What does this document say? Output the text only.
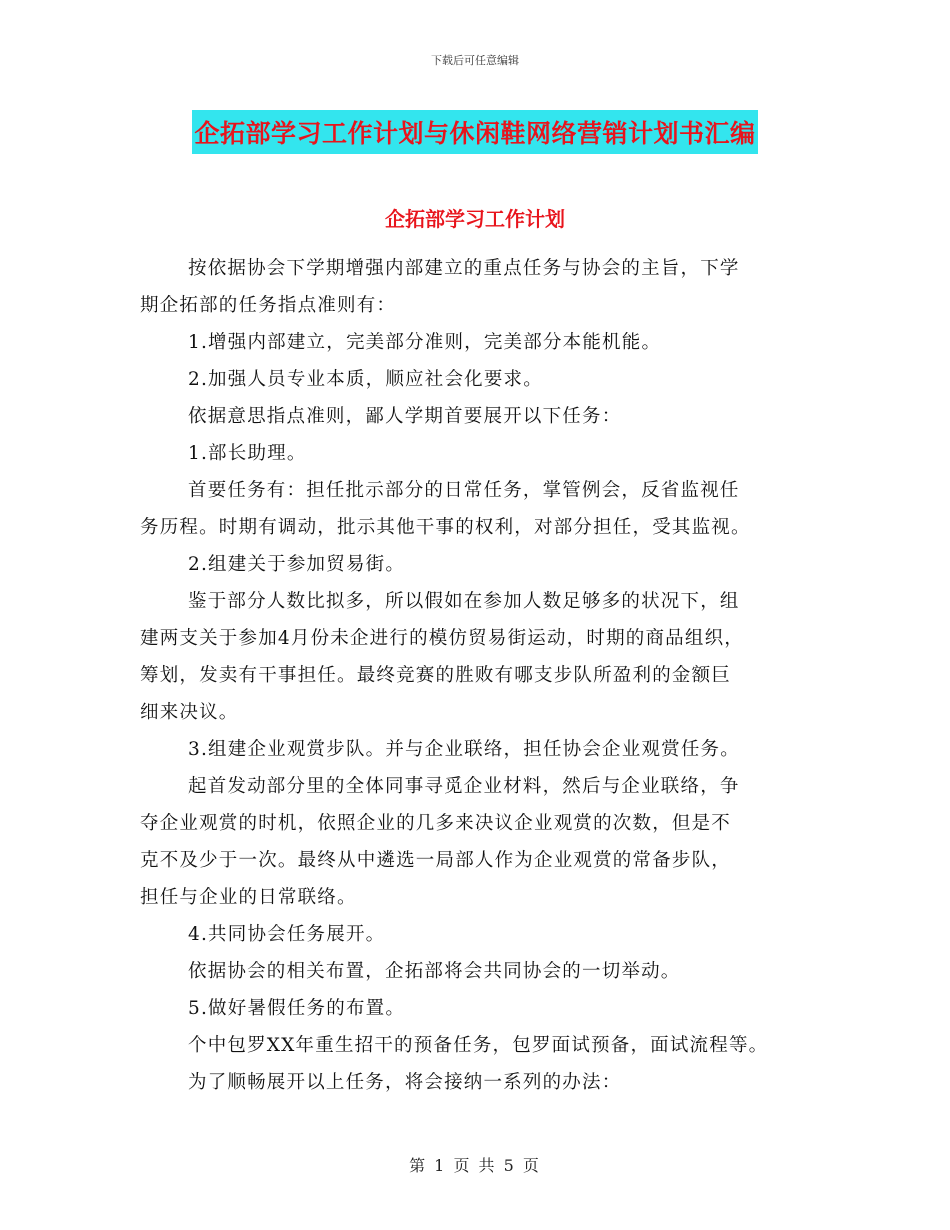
下载后可任意编辑
企拓部学习工作计划与休闲鞋网络营销计划书汇编
企拓部学习工作计划

按依据协会下学期增强内部建立的重点任务与协会的主旨，下学

期企拓部的任务指点准则有：

1.增强内部建立，完美部分准则，完美部分本能机能。

2.加强人员专业本质，顺应社会化要求。

依据意思指点准则，鄙人学期首要展开以下任务：

1.部长助理。

首要任务有：担任批示部分的日常任务，掌管例会，反省监视任

务历程。时期有调动，批示其他干事的权利，对部分担任，受其监视。

2.组建关于参加贸易街。

鉴于部分人数比拟多，所以假如在参加人数足够多的状况下，组

建两支关于参加4月份未企进行的模仿贸易街运动，时期的商品组织，

筹划，发卖有干事担任。最终竞赛的胜败有哪支步队所盈利的金额巨

细来决议。

3.组建企业观赏步队。并与企业联络，担任协会企业观赏任务。

起首发动部分里的全体同事寻觅企业材料，然后与企业联络，争

夺企业观赏的时机，依照企业的几多来决议企业观赏的次数，但是不

克不及少于一次。最终从中遴选一局部人作为企业观赏的常备步队，

担任与企业的日常联络。

4.共同协会任务展开。

依据协会的相关布置，企拓部将会共同协会的一切举动。

5.做好暑假任务的布置。

个中包罗XX年重生招干的预备任务，包罗面试预备，面试流程等。

为了顺畅展开以上任务，将会接纳一系列的办法：

第 1 页 共 5 页
